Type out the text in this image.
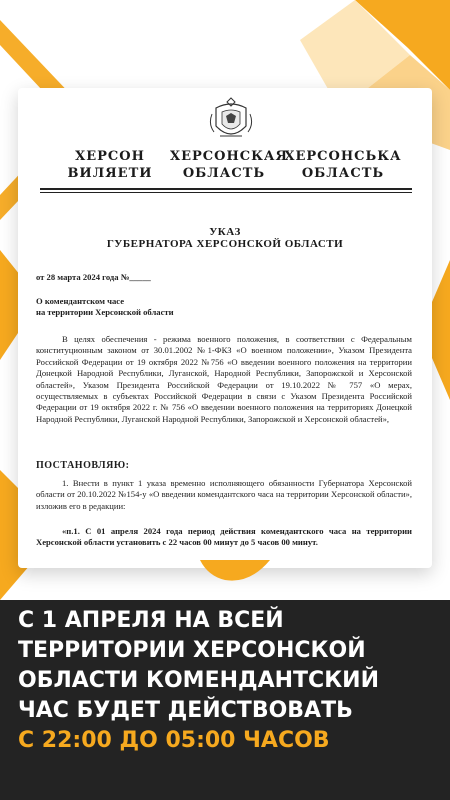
ХЕРСОН
ВИЛЯЕТИ
ХЕРСОНСКАЯ
ОБЛАСТЬ
ХЕРСОНСЬКА
ОБЛАСТЬ
УКАЗ
ГУБЕРНАТОРА ХЕРСОНСКОЙ ОБЛАСТИ
от 28 марта 2024 года №_____
О комендантском часе
на территории Херсонской области
В целях обеспечения - режима военного положения, в соответствии с Федеральным конституционным законом от 30.01.2002 №1-ФКЗ «О военном положении», Указом Президента Российской Федерации от 19 октября 2022 №756 «О введении военного положения на территории Донецкой Народной Республики, Луганской, Народной Республики, Запорожской и Херсонской областей», Указом Президента Российской Федерации от 19.10.2022 № 757 «О мерах, осуществляемых в субъектах Российской Федерации в связи с Указом Президента Российской Федерации от 19 октября 2022 г. № 756 «О введении военного положения на территориях Донецкой Народной Республики, Луганской Народной Республики, Запорожской и Херсонской областей»,
ПОСТАНОВЛЯЮ:
1. Внести в пункт 1 указа временно исполняющего обязанности Губернатора Херсонской области от 20.10.2022 №154-у «О введении комендантского часа на территории Херсонской области», изложив его в редакции:
«п.1. С 01 апреля 2024 года период действия комендантского часа на территории Херсонской области установить с 22 часов 00 минут до 5 часов 00 минут.
С 1 АПРЕЛЯ НА ВСЕЙ
ТЕРРИТОРИИ ХЕРСОНСКОЙ
ОБЛАСТИ КОМЕНДАНТСКИЙ
ЧАС БУДЕТ ДЕЙСТВОВАТЬ
С 22:00 ДО 05:00 ЧАСОВ
